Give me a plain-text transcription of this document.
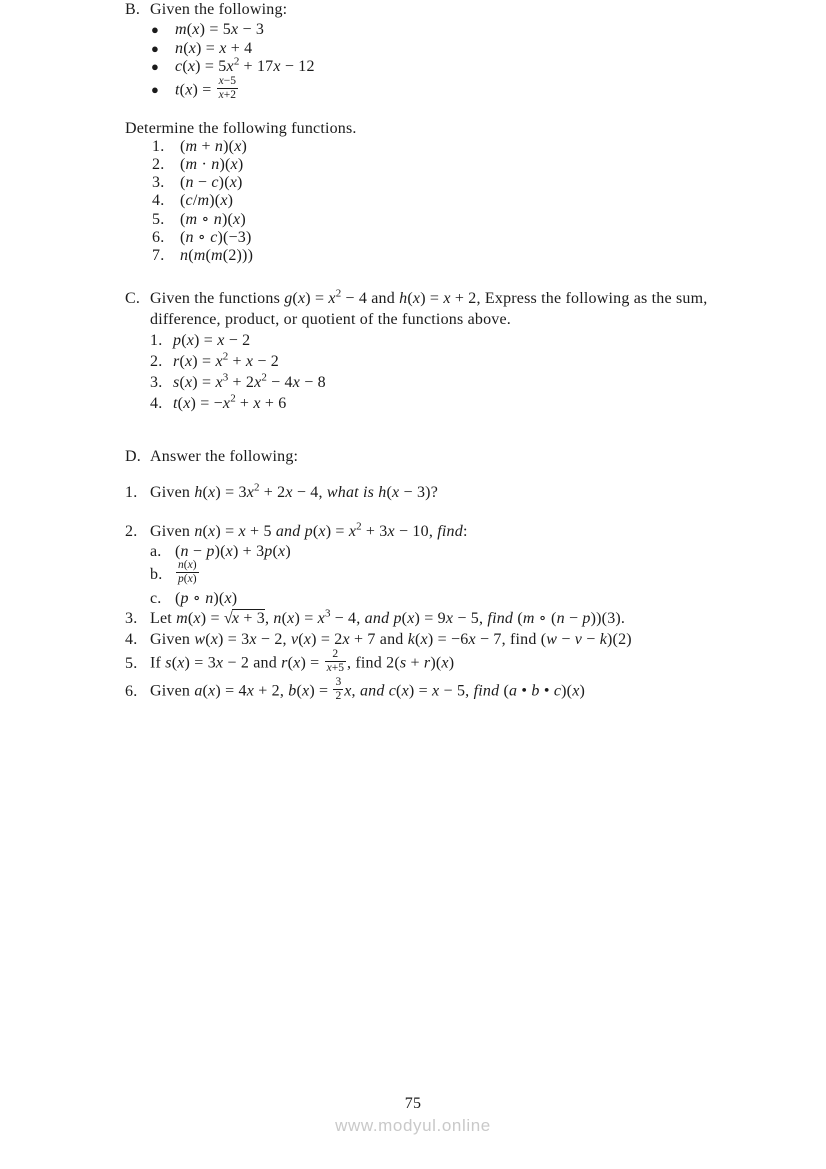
B. Given the following:
● m(x) = 5x − 3
● n(x) = x + 4
● $c(x) = 5x^2 + 17x - 12$
● $t(x) = \frac{x-5}{x+2}$
Determine the following functions.
1. (m + n)(x)
2. (m · n)(x)
3. (n − c)(x)
4. (c/m)(x)
5. (m ∘ n)(x)
6. (n ∘ c)(−3)
7. n(m(m(2)))
C. Given the functions $g(x) = x^2 - 4$ and h(x) = x + 2, Express the following as the sum, difference, product, or quotient of the functions above.
1. p(x) = x − 2
2. $r(x) = x^2 + x - 2$
3. $s(x) = x^3 + 2x^2 - 4x - 8$
4. $t(x) = -x^2 + x + 6$
D. Answer the following:
1. Given $h(x) = 3x^2 + 2x - 4$, what is h(x − 3)?
2. Given n(x) = x + 5 and $p(x) = x^2 + 3x - 10$, find:
a. (n − p)(x) + 3p(x)
b.	$\frac{n(x)}{p(x)}$
c. (p ∘ n)(x)
3. Let m(x) = √x + 3, $n(x) = x^3 - 4$, and p(x) = 9x − 5, find (m ∘ (n − p))(3).
4. Given w(x) = 3x − 2, v(x) = 2x + 7 and k(x) = −6x − 7, find (w − v − k)(2)
5. If s(x) = 3x − 2 and $r(x) = \frac{2}{x+5}$ , find 2(s + r)(x)
6. Given a(x) = 4x + 2, $b(x) = \frac{3}{2} x$, and c(x) = x − 5, find (a • b • c)(x)
75
www.modyul.online
